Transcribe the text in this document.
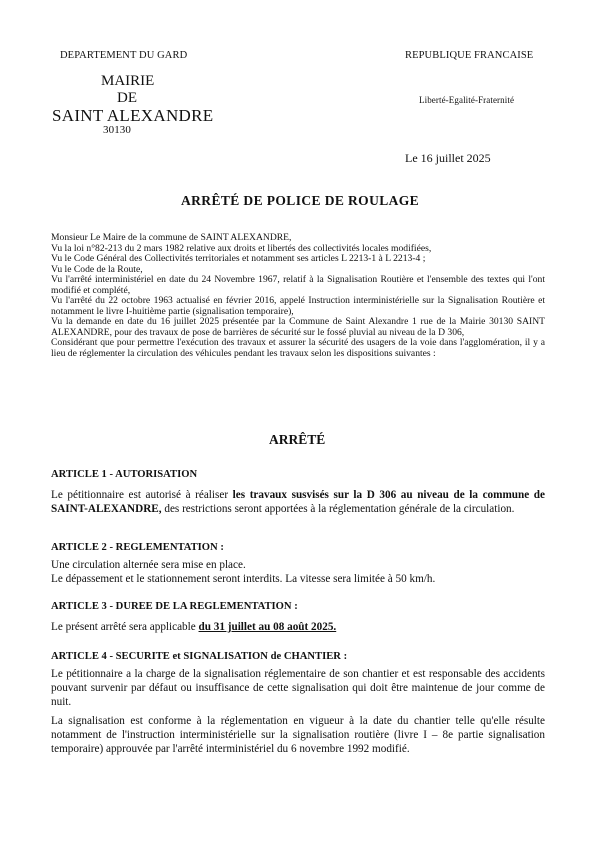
DEPARTEMENT DU GARD	REPUBLIQUE FRANCAISE
MAIRIE
DE
SAINT ALEXANDRE
30130
Liberté-Egalité-Fraternité
Le 16 juillet 2025
ARRÊTÉ DE POLICE DE ROULAGE

Monsieur Le Maire de la commune de SAINT ALEXANDRE,

Vu la loi n°82-213 du 2 mars 1982 relative aux droits et libertés des collectivités locales modifiées,

Vu le Code Général des Collectivités territoriales et notamment ses articles L 2213-1 à L 2213-4 ;

Vu le Code de la Route,

Vu l'arrêté interministériel en date du 24 Novembre 1967, relatif à la Signalisation Routière et l'ensemble des textes qui l'ont modifié et complété,

Vu l'arrêté du 22 octobre 1963 actualisé en février 2016, appelé Instruction interministérielle sur la Signalisation Routière et notamment le livre I-huitième partie (signalisation temporaire),

Vu la demande en date du 16 juillet 2025 présentée par la Commune de Saint Alexandre 1 rue de la Mairie 30130 SAINT ALEXANDRE, pour des travaux de pose de barrières de sécurité sur le fossé pluvial au niveau de la D 306,

Considérant que pour permettre l'exécution des travaux et assurer la sécurité des usagers de la voie dans l'agglomération, il y a lieu de réglementer la circulation des véhicules pendant les travaux selon les dispositions suivantes :

ARRÊTÉ
ARTICLE 1 - AUTORISATION
Le pétitionnaire est autorisé à réaliser les travaux susvisés sur la D 306 au niveau de la commune de SAINT-ALEXANDRE, des restrictions seront apportées à la réglementation générale de la circulation.
ARTICLE 2 - REGLEMENTATION :

Une circulation alternée sera mise en place.

Le dépassement et le stationnement seront interdits. La vitesse sera limitée à 50 km/h.

ARTICLE 3 - DUREE DE LA REGLEMENTATION :
Le présent arrêté sera applicable du 31 juillet au 08 août 2025.
ARTICLE 4 - SECURITE et SIGNALISATION de CHANTIER :
Le pétitionnaire a la charge de la signalisation réglementaire de son chantier et est responsable des accidents pouvant survenir par défaut ou insuffisance de cette signalisation qui doit être maintenue de jour comme de nuit.
La signalisation est conforme à la réglementation en vigueur à la date du chantier telle qu'elle résulte notamment de l'instruction interministérielle sur la signalisation routière (livre I – 8e partie signalisation temporaire) approuvée par l'arrêté interministériel du 6 novembre 1992 modifié.
